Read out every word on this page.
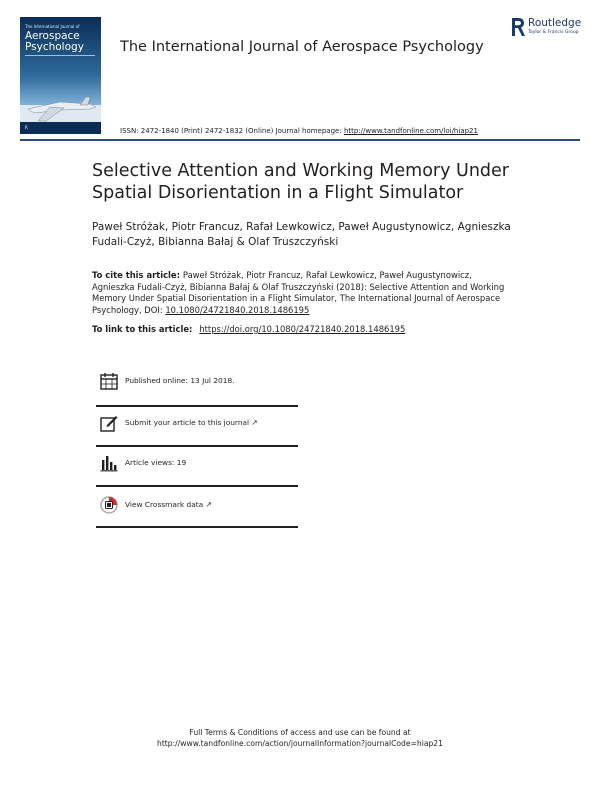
The International Journal of
Aerospace
Psychology
R
The International Journal of Aerospace Psychology
Routledge
Taylor & Francis Group
ISSN: 2472-1840 (Print) 2472-1832 (Online) Journal homepage: http://www.tandfonline.com/loi/hiap21
Selective Attention and Working Memory Under Spatial Disorientation in a Flight Simulator
Paweł Stróżak, Piotr Francuz, Rafał Lewkowicz, Paweł Augustynowicz, Agnieszka Fudali-Czyż, Bibianna Bałaj & Olaf Truszczyński
To cite this article: Paweł Stróżak, Piotr Francuz, Rafał Lewkowicz, Paweł Augustynowicz, Agnieszka Fudali-Czyż, Bibianna Bałaj & Olaf Truszczyński (2018): Selective Attention and Working Memory Under Spatial Disorientation in a Flight Simulator, The International Journal of Aerospace Psychology, DOI: 10.1080/24721840.2018.1486195
To link to this article: https://doi.org/10.1080/24721840.2018.1486195
Published online: 13 Jul 2018.
Submit your article to this journal ↗
Article views: 19
View Crossmark data ↗
Full Terms & Conditions of access and use can be found at
http://www.tandfonline.com/action/journalInformation?journalCode=hiap21
